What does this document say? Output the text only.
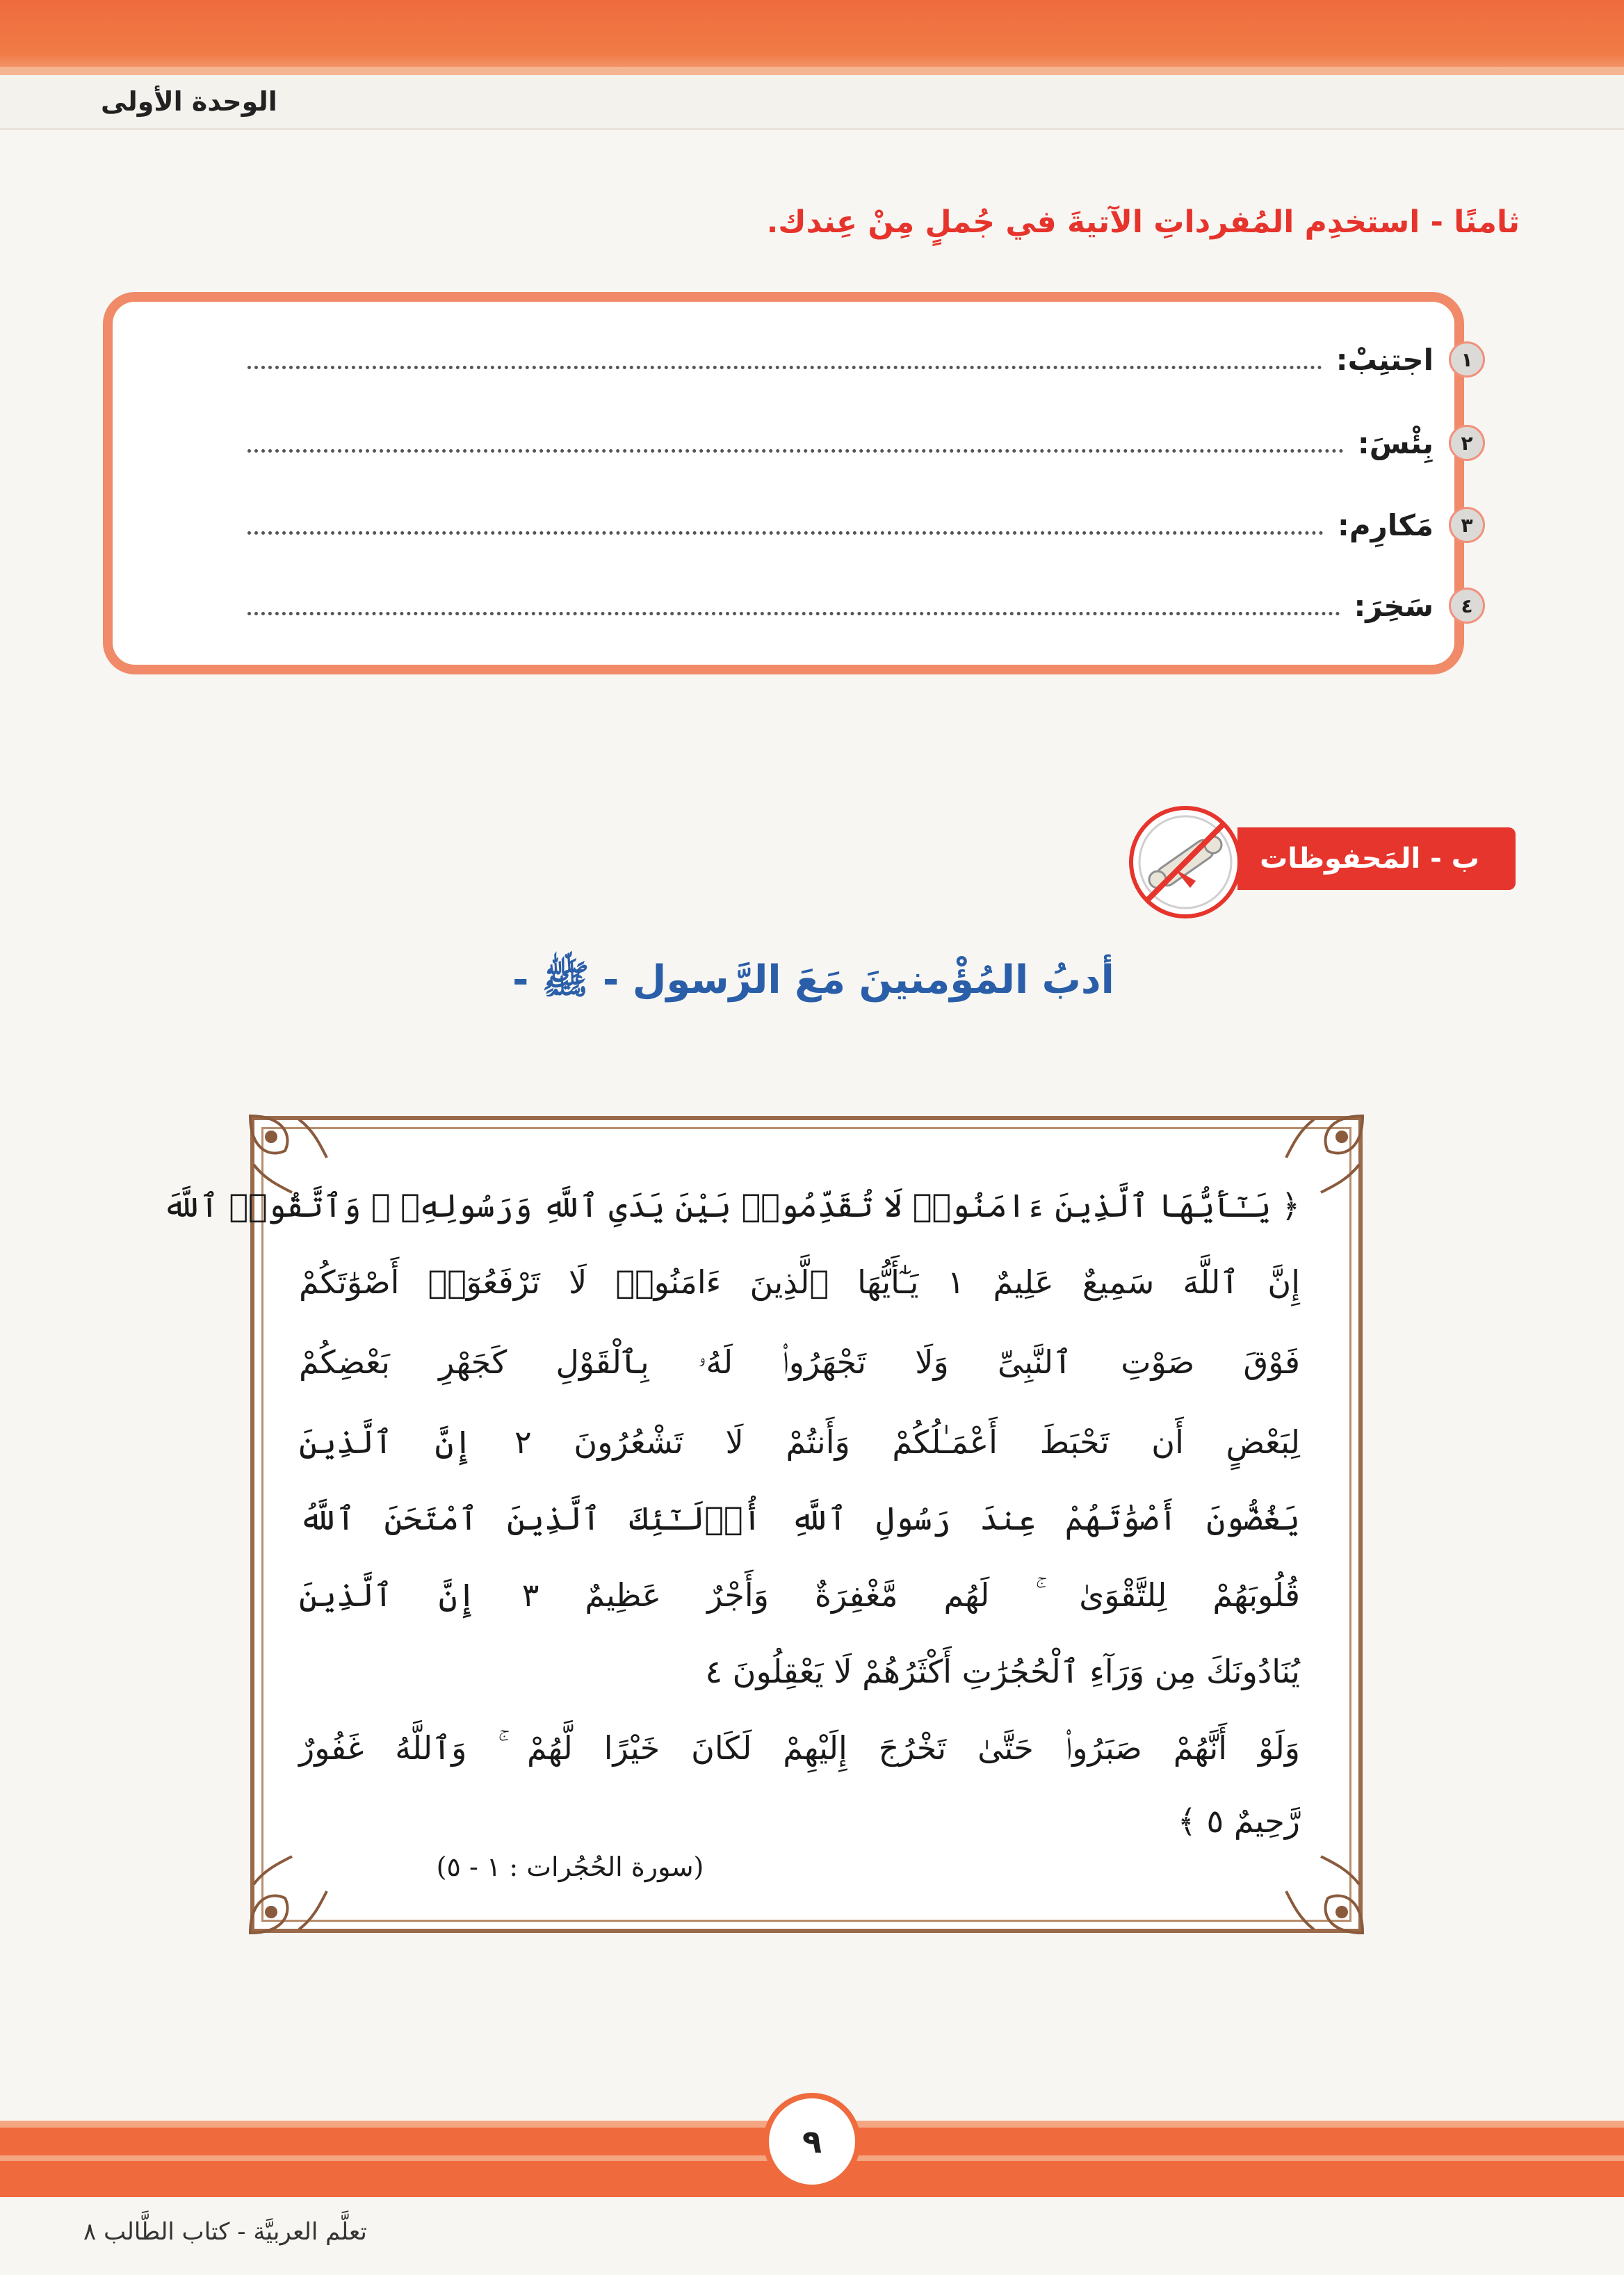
الوحدة الأولى
ثامنًا - استخدِم المُفرداتِ الآتيةَ في جُملٍ مِنْ عِندك.
١
اجتنِبْ:
٢
بِئْسَ:
٣
مَكارِم:
٤
سَخِرَ:
ب - المَحفوظات
أدبُ المُؤْمنينَ مَعَ الرَّسول - ﷺ -
﴿ يَـٰٓأَيُّهَا ٱلَّذِينَ ءَامَنُوا۟ لَا تُقَدِّمُوا۟ بَيْنَ يَدَىِ ٱللَّهِ وَرَسُولِهِۦ ۖ وَٱتَّقُوا۟ ٱللَّهَ
إِنَّ ٱللَّهَ سَمِيعٌ عَلِيمٌ ١ يَـٰٓأَيُّهَا ٱلَّذِينَ ءَامَنُوا۟ لَا تَرْفَعُوٓا۟ أَصْوَٰتَكُمْ
فَوْقَ صَوْتِ ٱلنَّبِىِّ وَلَا تَجْهَرُوا۟ لَهُۥ بِٱلْقَوْلِ كَجَهْرِ بَعْضِكُمْ
لِبَعْضٍ أَن تَحْبَطَ أَعْمَـٰلُكُمْ وَأَنتُمْ لَا تَشْعُرُونَ ٢ إِنَّ ٱلَّذِينَ
يَغُضُّونَ أَصْوَٰتَهُمْ عِندَ رَسُولِ ٱللَّهِ أُو۟لَـٰٓئِكَ ٱلَّذِينَ ٱمْتَحَنَ ٱللَّهُ
قُلُوبَهُمْ لِلتَّقْوَىٰ ۚ لَهُم مَّغْفِرَةٌ وَأَجْرٌ عَظِيمٌ ٣ إِنَّ ٱلَّذِينَ
يُنَادُونَكَ مِن وَرَآءِ ٱلْحُجُرَٰتِ أَكْثَرُهُمْ لَا يَعْقِلُونَ ٤
وَلَوْ أَنَّهُمْ صَبَرُوا۟ حَتَّىٰ تَخْرُجَ إِلَيْهِمْ لَكَانَ خَيْرًا لَّهُمْ ۚ وَٱللَّهُ غَفُورٌ
رَّحِيمٌ ٥ ﴾
(سورة الحُجُرات : ١ - ٥)
٩
تعلَّم العربيَّة - كتاب الطَّالب ٨
